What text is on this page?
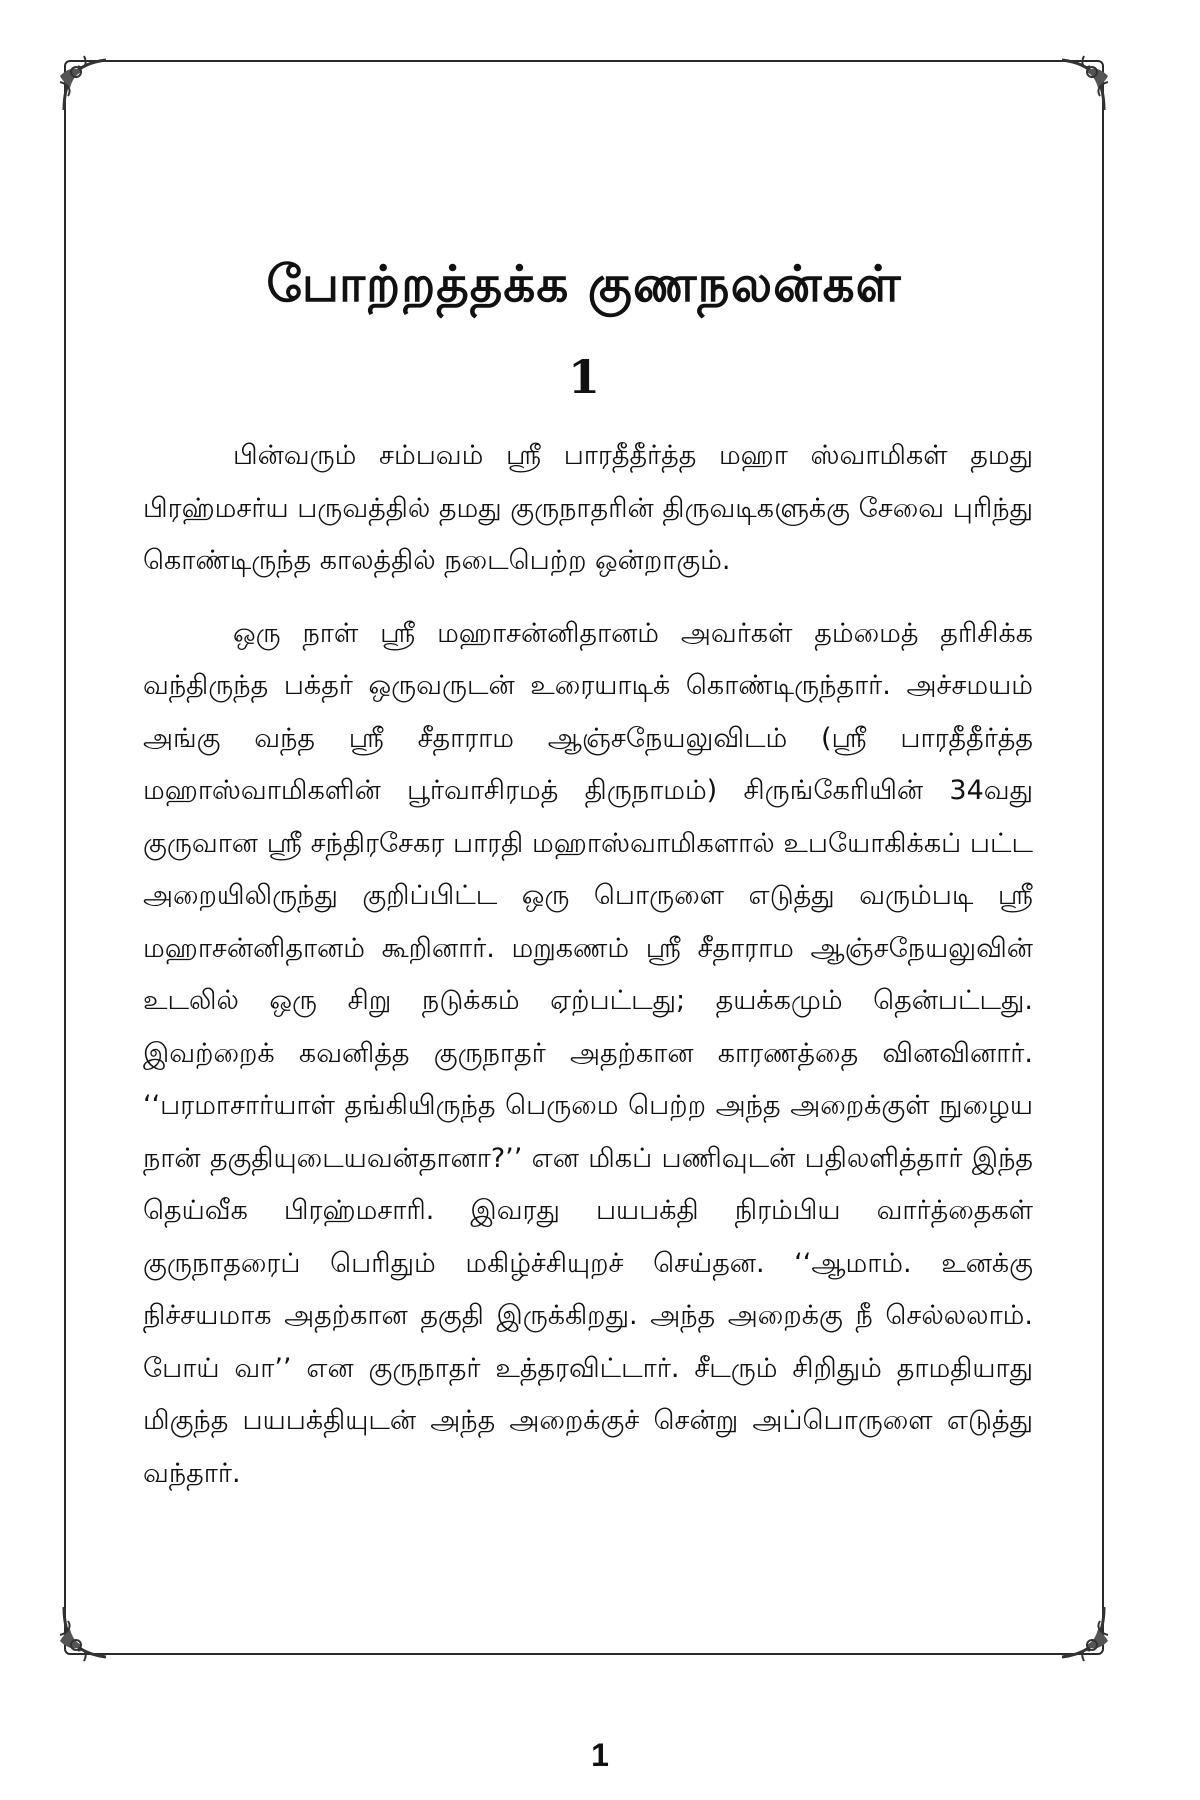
போற்றத்தக்க குணநலன்கள்
1

பின்வரும் சம்பவம் ஸ்ரீ பாரதீதீர்த்த மஹா ஸ்வாமிகள் தமது பிரஹ்மசர்ய பருவத்தில் தமது குருநாதரின் திருவடிகளுக்கு சேவை புரிந்து கொண்டிருந்த காலத்தில் நடைபெற்ற ஒன்றாகும்.

ஒரு நாள் ஸ்ரீ மஹாசன்னிதானம் அவர்கள் தம்மைத் தரிசிக்க வந்திருந்த பக்தர் ஒருவருடன் உரையாடிக் கொண்டிருந்தார். அச்சமயம் அங்கு வந்த ஸ்ரீ சீதாராம ஆஞ்சநேயலுவிடம் (ஸ்ரீ பாரதீதீர்த்த மஹாஸ்வாமிகளின் பூர்வாசிரமத் திருநாமம்) சிருங்கேரியின் 34வது குருவான ஸ்ரீ சந்திரசேகர பாரதி மஹாஸ்வாமிகளால் உபயோகிக்கப் பட்ட அறையிலிருந்து குறிப்பிட்ட ஒரு பொருளை எடுத்து வரும்படி ஸ்ரீ மஹாசன்னிதானம் கூறினார். மறுகணம் ஸ்ரீ சீதாராம ஆஞ்சநேயலுவின் உடலில் ஒரு சிறு நடுக்கம் ஏற்பட்டது; தயக்கமும் தென்பட்டது. இவற்றைக் கவனித்த குருநாதர் அதற்கான காரணத்தை வினவினார். ‘‘பரமாசார்யாள் தங்கியிருந்த பெருமை பெற்ற அந்த அறைக்குள் நுழைய நான் தகுதியுடையவன்தானா?’’ என மிகப் பணிவுடன் பதிலளித்தார் இந்த தெய்வீக பிரஹ்மசாரி. இவரது பயபக்தி நிரம்பிய வார்த்தைகள் குருநாதரைப் பெரிதும் மகிழ்ச்சியுறச் செய்தன. ‘‘ஆமாம். உனக்கு நிச்சயமாக அதற்கான தகுதி இருக்கிறது. அந்த அறைக்கு நீ செல்லலாம். போய் வா’’ என குருநாதர் உத்தரவிட்டார். சீடரும் சிறிதும் தாமதியாது மிகுந்த பயபக்தியுடன் அந்த அறைக்குச் சென்று அப்பொருளை எடுத்து வந்தார்.

1
